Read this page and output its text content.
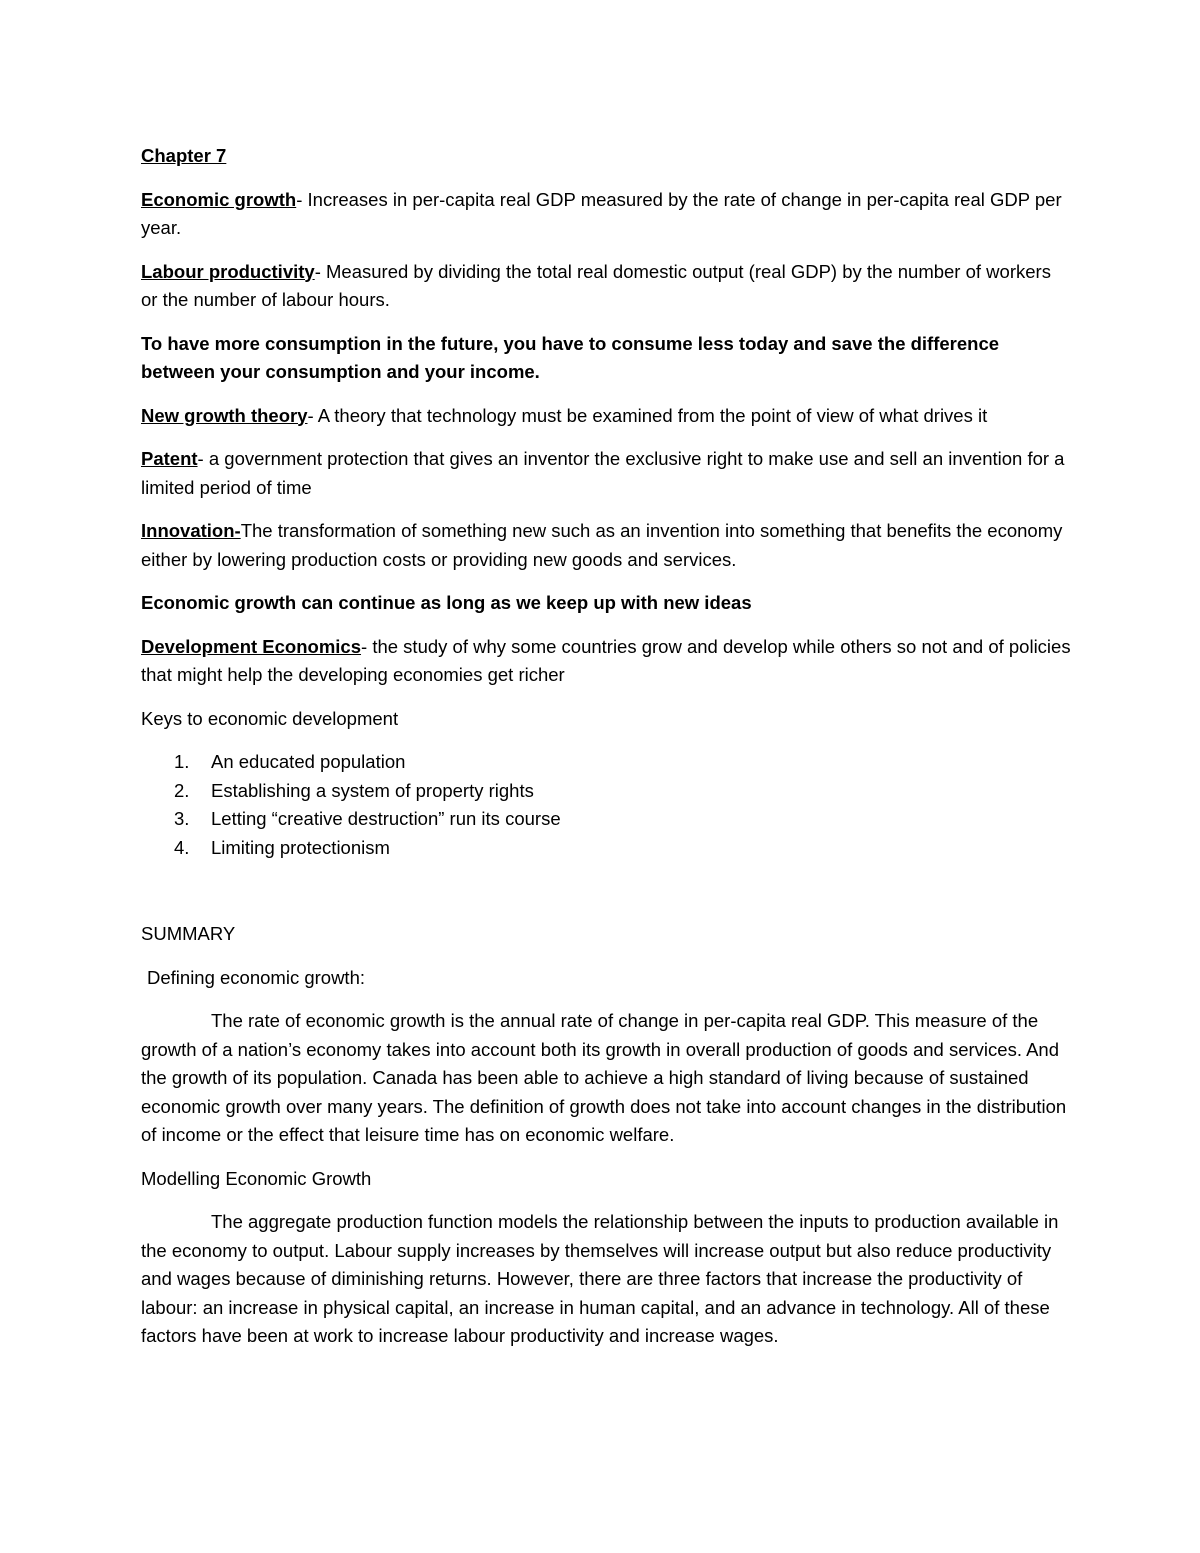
Chapter 7

Economic growth- Increases in per-capita real GDP measured by the rate of change in per-capita real GDP per year.

Labour productivity- Measured by dividing the total real domestic output (real GDP) by the number of workers or the number of labour hours.

To have more consumption in the future, you have to consume less today and save the difference between your consumption and your income.

New growth theory- A theory that technology must be examined from the point of view of what drives it

Patent- a government protection that gives an inventor the exclusive right to make use and sell an invention for a limited period of time

Innovation-The transformation of something new such as an invention into something that benefits the economy either by lowering production costs or providing new goods and services.

Economic growth can continue as long as we keep up with new ideas

Development Economics- the study of why some countries grow and develop while others so not and of policies that might help the developing economies get richer

Keys to economic development

1. An educated population
2. Establishing a system of property rights
3. Letting “creative destruction” run its course
4. Limiting protectionism

SUMMARY

Defining economic growth:

The rate of economic growth is the annual rate of change in per-capita real GDP. This measure of the growth of a nation’s economy takes into account both its growth in overall production of goods and services. And the growth of its population. Canada has been able to achieve a high standard of living because of sustained economic growth over many years. The definition of growth does not take into account changes in the distribution of income or the effect that leisure time has on economic welfare.

Modelling Economic Growth

The aggregate production function models the relationship between the inputs to production available in the economy to output. Labour supply increases by themselves will increase output but also reduce productivity and wages because of diminishing returns. However, there are three factors that increase the productivity of labour: an increase in physical capital, an increase in human capital, and an advance in technology. All of these factors have been at work to increase labour productivity and increase wages.
